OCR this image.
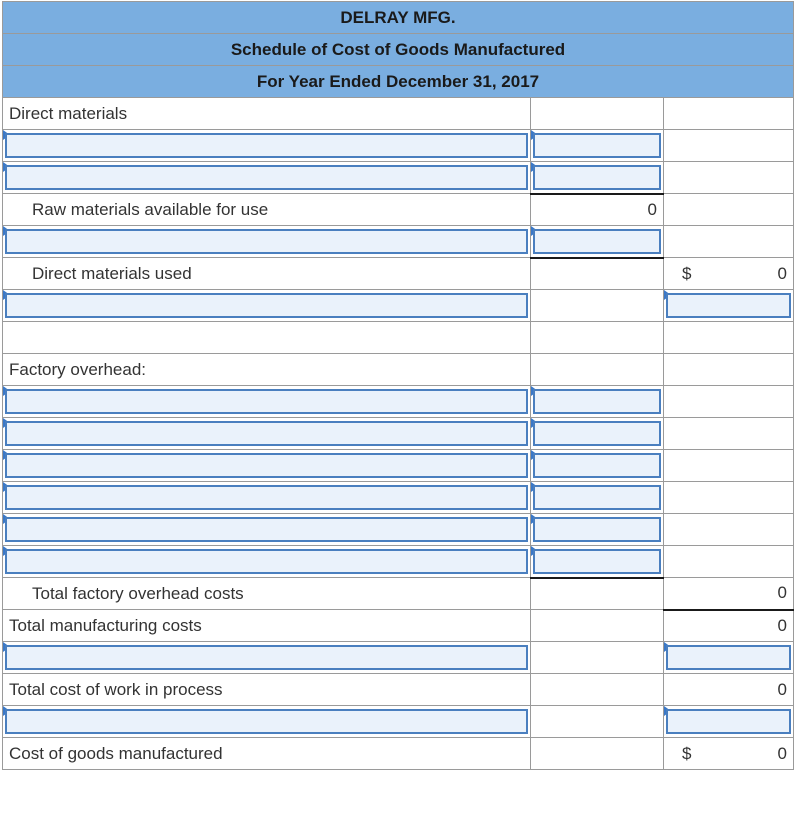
DELRAY MFG.		
Schedule of Cost of Goods Manufactured		
For Year Ended December 31, 2017		
Direct materials		

Raw materials available for use	0	

Direct materials used		$ 0

Factory overhead:		

Total factory overhead costs		0
Total manufacturing costs		0

Total cost of work in process		0

Cost of goods manufactured		$ 0
